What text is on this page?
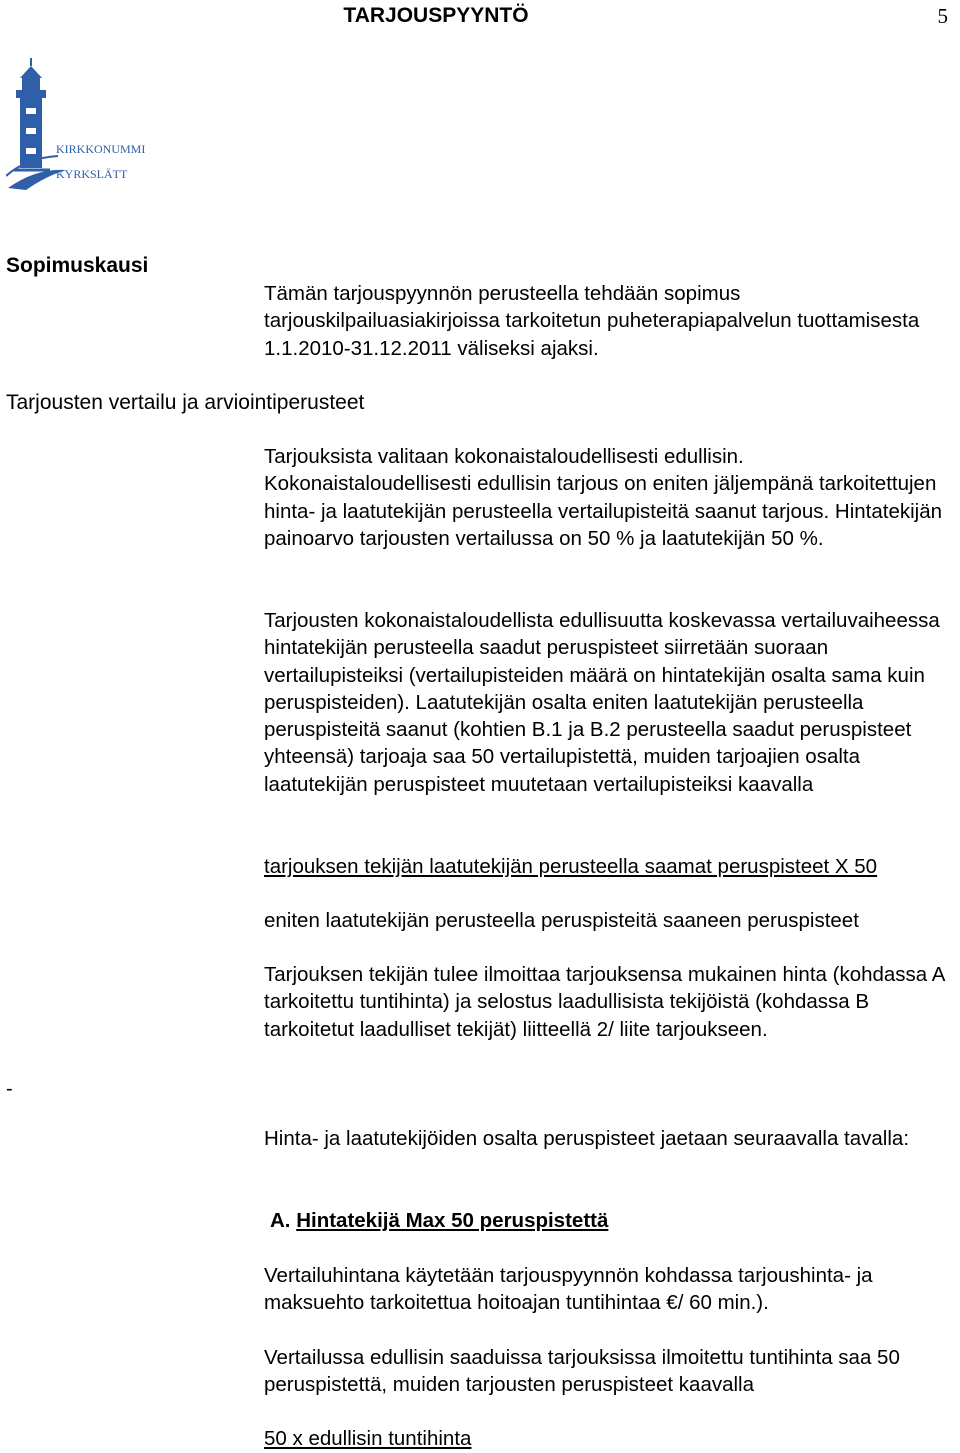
TARJOUSPYYNTÖ	5
KIRKKONUMMI
KYRKSLÄTT
Sopimuskausi
Tämän tarjouspyynnön perusteella tehdään sopimus tarjouskilpailuasiakirjoissa tarkoitetun puheterapiapalvelun tuottamisesta 1.1.2010-31.12.2011 väliseksi ajaksi.
Tarjousten vertailu ja arviointiperusteet
Tarjouksista valitaan kokonaistaloudellisesti edullisin. Kokonaistaloudellisesti edullisin tarjous on eniten jäljempänä tarkoitettujen hinta- ja laatutekijän perusteella vertailupisteitä saanut tarjous. Hintatekijän painoarvo tarjousten vertailussa on 50 % ja laatutekijän 50 %.
Tarjousten kokonaistaloudellista edullisuutta koskevassa vertailuvaiheessa hintatekijän perusteella saadut peruspisteet siirretään suoraan vertailupisteiksi (vertailupisteiden määrä on hintatekijän osalta sama kuin peruspisteiden). Laatutekijän osalta eniten laatutekijän perusteella peruspisteitä saanut (kohtien B.1 ja B.2 perusteella saadut peruspisteet yhteensä) tarjoaja saa 50 vertailupistettä, muiden tarjoajien osalta laatutekijän peruspisteet muutetaan vertailupisteiksi kaavalla
tarjouksen tekijän laatutekijän perusteella saamat peruspisteet X 50
eniten laatutekijän perusteella peruspisteitä saaneen peruspisteet
Tarjouksen tekijän tulee ilmoittaa tarjouksensa mukainen hinta (kohdassa A tarkoitettu tuntihinta) ja selostus laadullisista tekijöistä (kohdassa B tarkoitetut laadulliset tekijät) liitteellä 2/ liite tarjoukseen.
-
Hinta- ja laatutekijöiden osalta peruspisteet jaetaan seuraavalla tavalla:
A. Hintatekijä Max 50 peruspistettä
Vertailuhintana käytetään tarjouspyynnön kohdassa tarjoushinta- ja maksuehto tarkoitettua hoitoajan tuntihintaa €/ 60 min.).
Vertailussa edullisin saaduissa tarjouksissa ilmoitettu tuntihinta saa 50 peruspistettä, muiden tarjousten peruspisteet kaavalla
50 x edullisin tuntihinta
